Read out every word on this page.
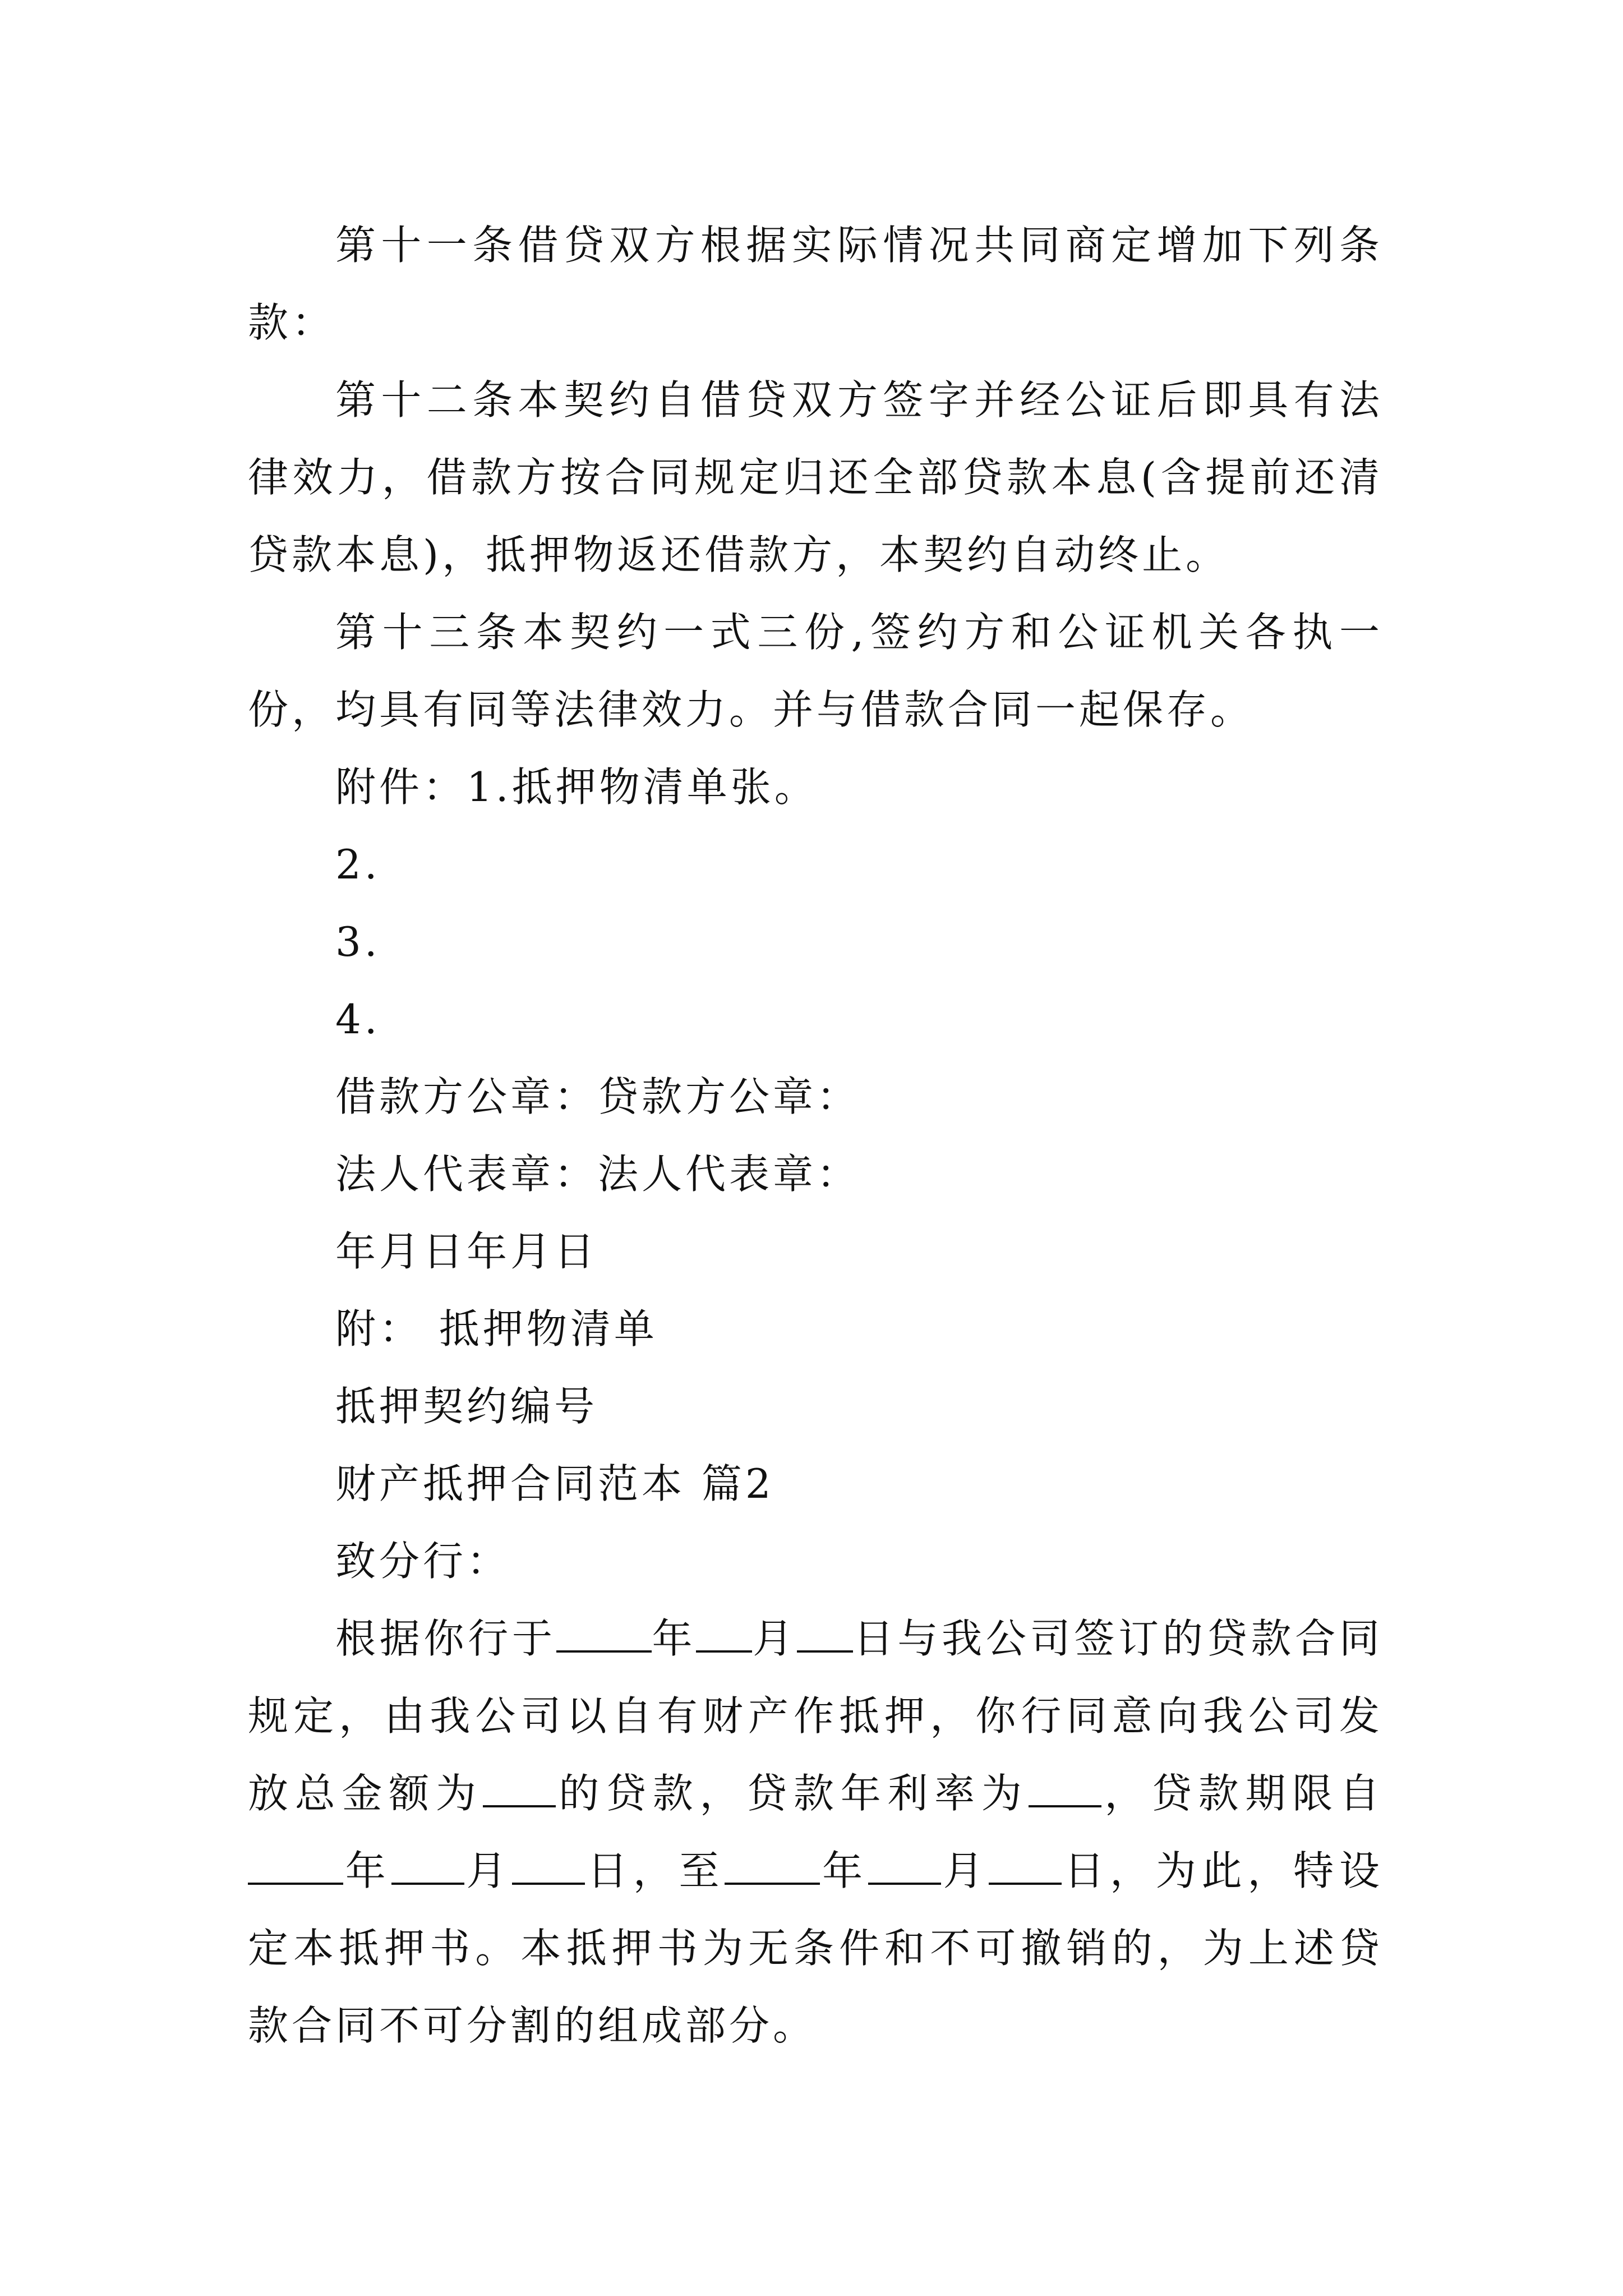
第十一条借贷双方根据实际情况共同商定增加下列条款：

第十二条本契约自借贷双方签字并经公证后即具有法律效力，借款方按合同规定归还全部贷款本息(含提前还清贷款本息)，抵押物返还借款方，本契约自动终止。

第十三条本契约一式三份,签约方和公证机关各执一份，均具有同等法律效力。并与借款合同一起保存。

附件：1.抵押物清单张。

2.

3.

4.

借款方公章：贷款方公章：

法人代表章：法人代表章：

年月日年月日

附： 抵押物清单

抵押契约编号

财产抵押合同范本 篇2

致分行：

根据你行于 年 月 日与我公司签订的贷款合同规定，由我公司以自有财产作抵押，你行同意向我公司发放总金额为 的贷款，贷款年利率为 ，贷款期限自年 月 日，至 年 月 日，为此，特设定本抵押书。本抵押书为无条件和不可撤销的，为上述贷款合同不可分割的组成部分。
